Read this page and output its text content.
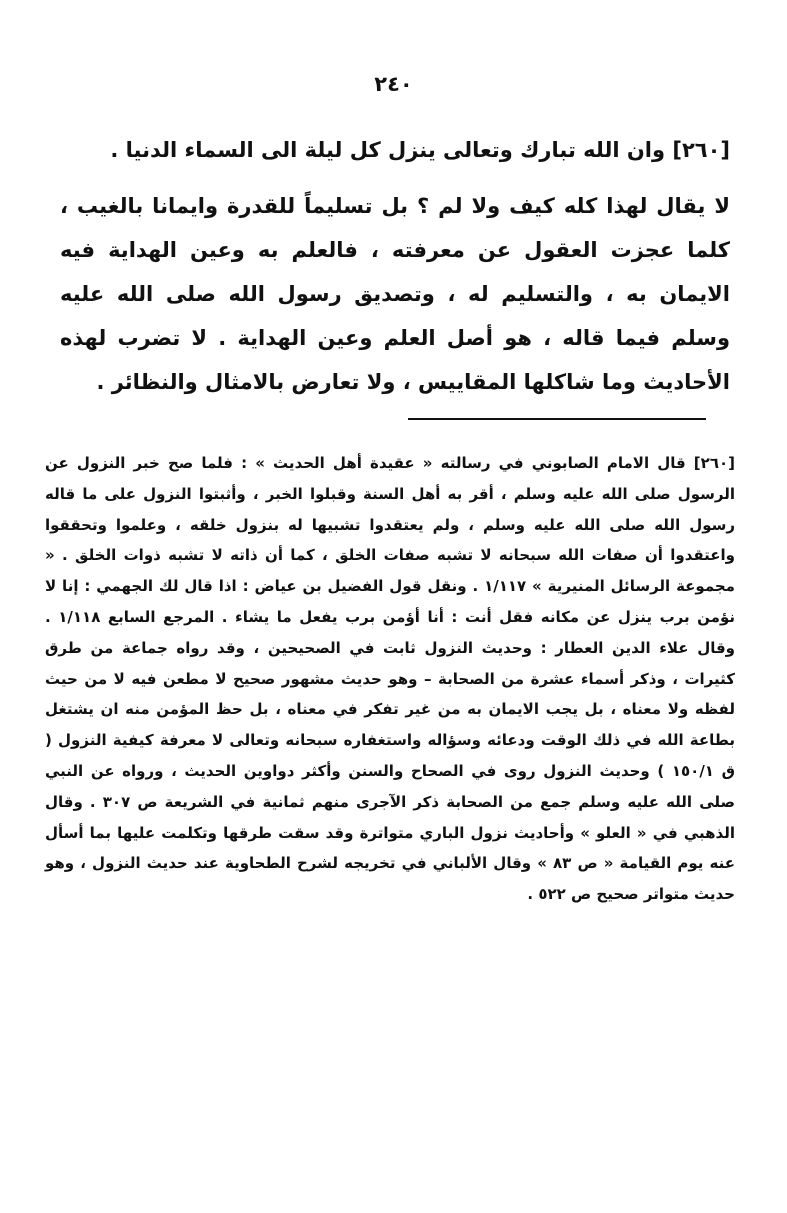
٢٤٠

[٢٦٠] وان الله تبارك وتعالى ينزل كل ليلة الى السماء الدنيا .

لا يقال لهذا كله كيف ولا لم ؟ بل تسليماً للقدرة وايمانا بالغيب ، كلما عجزت العقول عن معرفته ، فالعلم به وعين الهداية فيه الايمان به ، والتسليم له ، وتصديق رسول الله صلى الله عليه وسلم فيما قاله ، هو أصل العلم وعين الهداية . لا تضرب لهذه الأحاديث وما شاكلها المقاييس ، ولا تعارض بالامثال والنظائر .

[٢٦٠] قال الامام الصابوني في رسالته « عقيدة أهل الحديث » : فلما صح خبر النزول عن الرسول صلى الله عليه وسلم ، أقر به أهل السنة وقبلوا الخبر ، وأثبتوا النزول على ما قاله رسول الله صلى الله عليه وسلم ، ولم يعتقدوا تشبيها له بنزول خلقه ، وعلموا وتحققوا واعتقدوا أن صفات الله سبحانه لا تشبه صفات الخلق ، كما أن ذاته لا تشبه ذوات الخلق . « مجموعة الرسائل المنيرية » ١/١١٧ . ونقل قول الفضيل بن عياض : اذا قال لك الجهمي : إنا لا نؤمن برب ينزل عن مكانه فقل أنت : أنا أؤمن برب يفعل ما يشاء . المرجع السابع ١/١١٨ . وقال علاء الدين العطار : وحديث النزول ثابت في الصحيحين ، وقد رواه جماعة من طرق كثيرات ، وذكر أسماء عشرة من الصحابة – وهو حديث مشهور صحيح لا مطعن فيه لا من حيث لفظه ولا معناه ، بل يجب الايمان به من غير تفكر في معناه ، بل حظ المؤمن منه ان يشتغل بطاعة الله في ذلك الوقت ودعائه وسؤاله واستغفاره سبحانه وتعالى لا معرفة كيفية النزول ( ق ١٥٠/١ ) وحديث النزول روى في الصحاح والسنن وأكثر دواوين الحديث ، ورواه عن النبي صلى الله عليه وسلم جمع من الصحابة ذكر الآجرى منهم ثمانية في الشريعة ص ٣٠٧ . وقال الذهبي في « العلو » وأحاديث نزول الباري متواترة وقد سقت طرقها وتكلمت عليها بما أسأل عنه يوم القيامة « ص ٨٣ » وقال الألباني في تخريجه لشرح الطحاوية عند حديث النزول ، وهو حديث متواتر صحيح ص ٥٢٢ .
